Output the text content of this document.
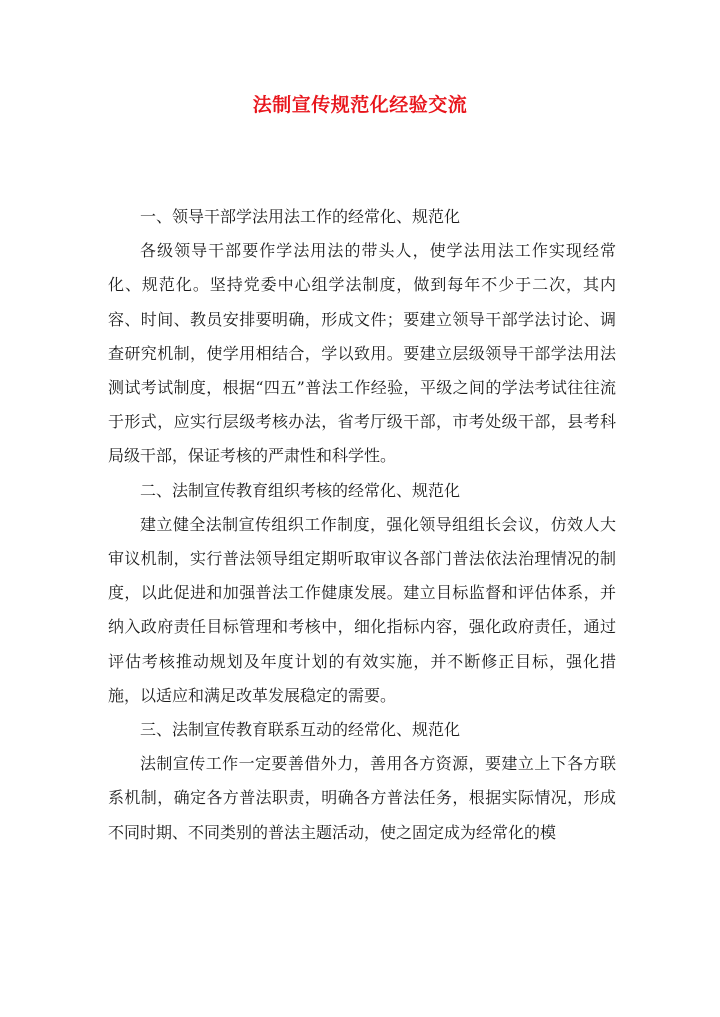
法制宣传规范化经验交流

一、领导干部学法用法工作的经常化、规范化

各级领导干部要作学法用法的带头人，使学法用法工作实现经常化、规范化。坚持党委中心组学法制度，做到每年不少于二次，其内容、时间、教员安排要明确，形成文件；要建立领导干部学法讨论、调查研究机制，使学用相结合，学以致用。要建立层级领导干部学法用法测试考试制度，根据“四五”普法工作经验，平级之间的学法考试往往流于形式，应实行层级考核办法，省考厅级干部，市考处级干部，县考科局级干部，保证考核的严肃性和科学性。

二、法制宣传教育组织考核的经常化、规范化

建立健全法制宣传组织工作制度，强化领导组组长会议，仿效人大审议机制，实行普法领导组定期听取审议各部门普法依法治理情况的制度，以此促进和加强普法工作健康发展。建立目标监督和评估体系，并纳入政府责任目标管理和考核中，细化指标内容，强化政府责任，通过评估考核推动规划及年度计划的有效实施，并不断修正目标，强化措施，以适应和满足改革发展稳定的需要。

三、法制宣传教育联系互动的经常化、规范化

法制宣传工作一定要善借外力，善用各方资源，要建立上下各方联系机制，确定各方普法职责，明确各方普法任务，根据实际情况，形成不同时期、不同类别的普法主题活动，使之固定成为经常化的模
